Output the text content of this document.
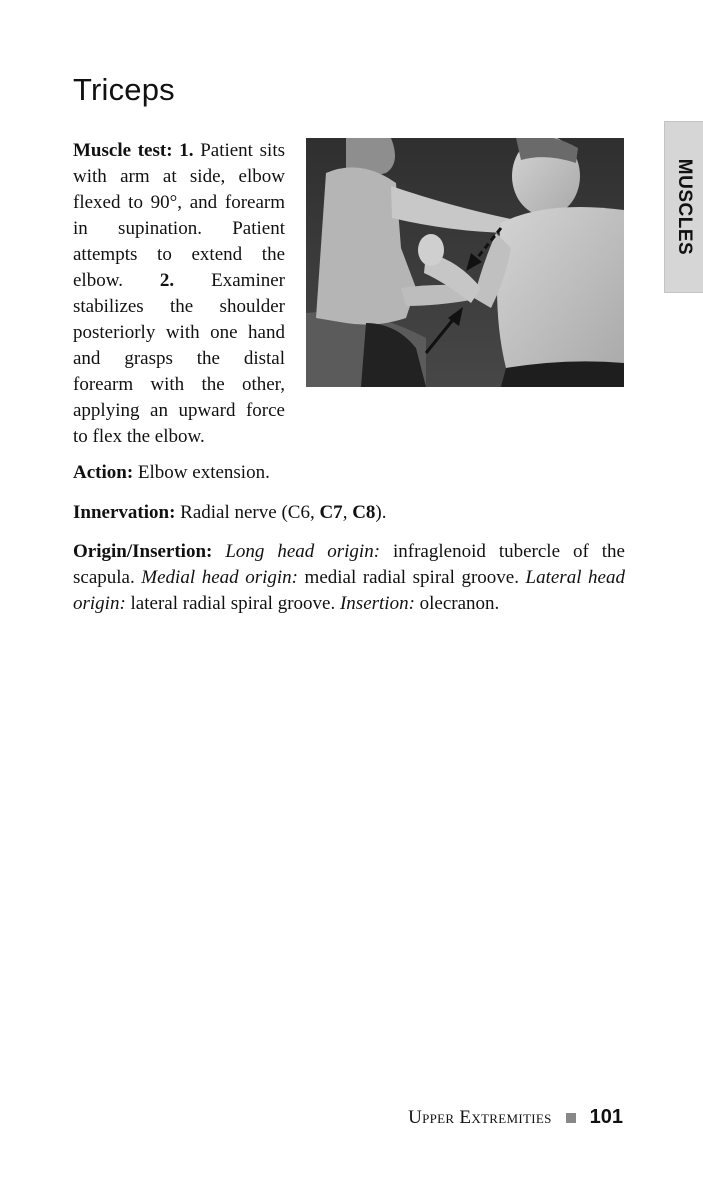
Triceps
MUSCLES
Muscle test: 1. Patient sits with arm at side, elbow flexed to 90°, and forearm in supination. Patient attempts to extend the elbow. 2. Examiner stabilizes the shoulder posteriorly with one hand and grasps the distal forearm with the other, applying an upward force to flex the elbow.
Action: Elbow extension.
Innervation: Radial nerve (C6, C7, C8).
Origin/Insertion: Long head origin: infraglenoid tubercle of the scapula. Medial head origin: medial radial spiral groove. Lateral head origin: lateral radial spiral groove. Insertion: olecranon.
Upper Extremities 101
